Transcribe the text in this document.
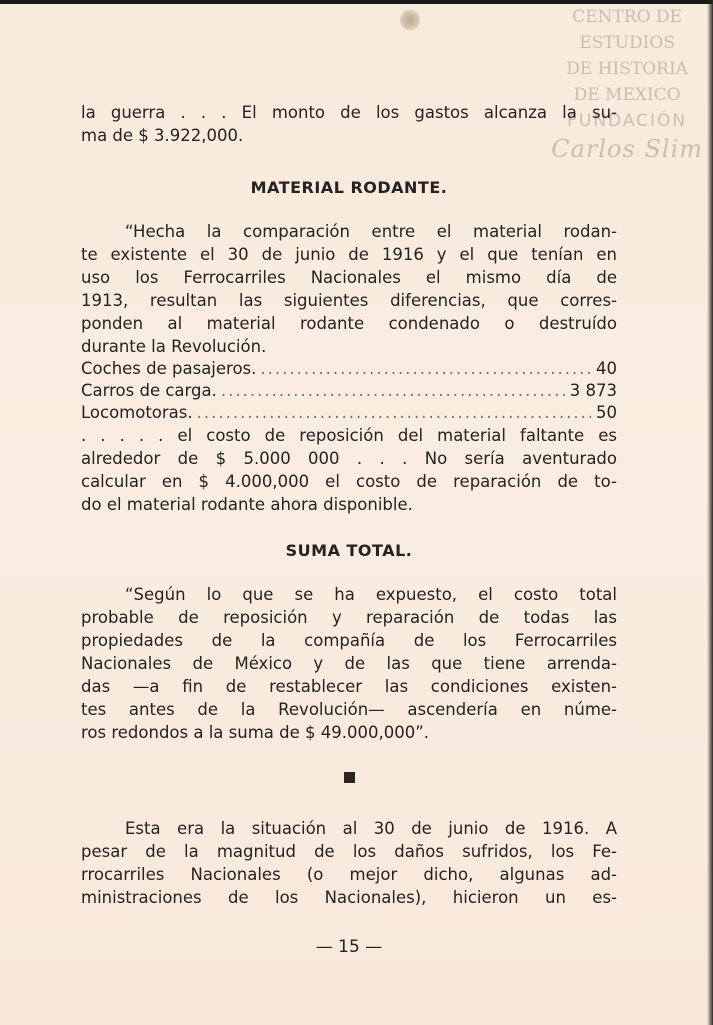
CENTRO DE
ESTUDIOS
DE HISTORIA
DE MEXICO
FUNDACIÓN
Carlos Slim

la guerra . . . El monto de los gastos alcanza la su-
ma de $ 3.922,000.

MATERIAL RODANTE.

“Hecha la comparación entre el material rodan-
te existente el 30 de junio de 1916 y el que tenían en
uso los Ferrocarriles Nacionales el mismo día de
1913, resultan las siguientes diferencias, que corres-
ponden al material rodante condenado o destruído
durante la Revolución.

Coches de pasajeros. .....	40
Carros de carga. .....	3 873
Locomotoras. .....	50

. . . . . el costo de reposición del material faltante es
alrededor de $ 5.000 000 . . . No sería aventurado
calcular en $ 4.000,000 el costo de reparación de to-
do el material rodante ahora disponible.

SUMA TOTAL.

“Según lo que se ha expuesto, el costo total
probable de reposición y reparación de todas las
propiedades de la compañía de los Ferrocarriles
Nacionales de México y de las que tiene arrenda-
das —a fin de restablecer las condiciones existen-
tes antes de la Revolución— ascendería en núme-
ros redondos a la suma de $ 49.000,000”.

Esta era la situación al 30 de junio de 1916. A
pesar de la magnitud de los daños sufridos, los Fe-
rrocarriles Nacionales (o mejor dicho, algunas ad-
ministraciones de los Nacionales), hicieron un es-

— 15 —
